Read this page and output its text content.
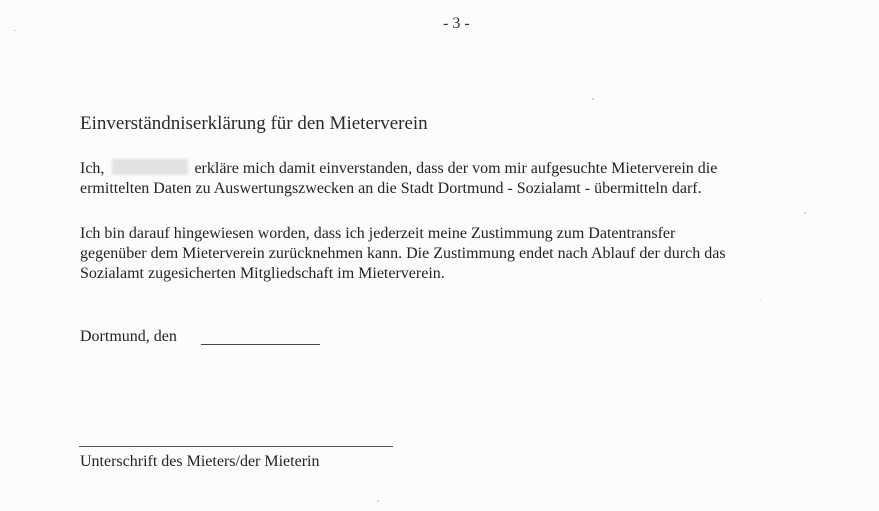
- 3 -
Einverständniserklärung für den Mieterverein
Ich,	erkläre mich damit einverstanden, dass der vom mir aufgesuchte Mieterverein die
ermittelten Daten zu Auswertungszwecken an die Stadt Dortmund - Sozialamt - übermitteln darf.
Ich bin darauf hingewiesen worden, dass ich jederzeit meine Zustimmung zum Datentransfer
gegenüber dem Mieterverein zurücknehmen kann. Die Zustimmung endet nach Ablauf der durch das
Sozialamt zugesicherten Mitgliedschaft im Mieterverein.
Dortmund, den
Unterschrift des Mieters/der Mieterin
